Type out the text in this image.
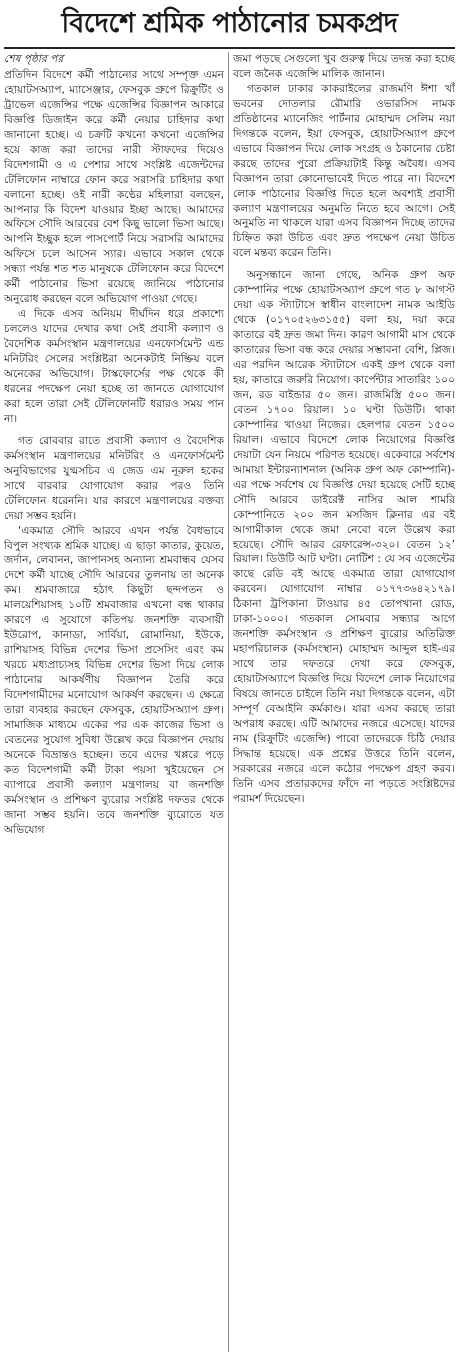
বিদেশে শ্রমিক পাঠানোর চমকপ্রদ

শেষ পৃষ্ঠার পর

প্রতিদিন বিদেশে কর্মী পাঠানোর সাথে সম্পৃক্ত এমন হোয়াটসঅ্যাপ, ম্যাসেঞ্জার, ফেসবুক গ্রুপে রিক্রুটিং ও ট্রাভেল এজেন্সির পক্ষে এজেন্সির বিজ্ঞাপন আকারে বিজ্ঞপ্তি ডিজাইন করে কর্মী নেয়ার চাহিদার কথা জানানো হচ্ছে। এ চক্রটি কখনো কখনো এজেন্সির হয়ে কাজ করা তাদের নারী স্টাফদের দিয়েও বিদেশগামী ও এ পেশার সাথে সংশ্লিষ্ট এজেন্টদের টেলিফোন নাম্বারে ফোন করে সরাসরি চাহিদার কথা বলানো হচ্ছে। ওই নারী কণ্ঠের মহিলারা বলছেন, আপনার কি বিদেশ যাওয়ার ইচ্ছা আছে। আমাদের অফিসে সৌদি আরবের বেশ কিছু ভালো ভিসা আছে। আপনি ইচ্ছুক হলে পাসপোর্ট নিয়ে সরাসরি আমাদের অফিসে চলে আসেন স্যার। এভাবে সকাল থেকে সন্ধ্যা পর্যন্ত শত শত মানুষকে টেলিফোন করে বিদেশে কর্মী পাঠানোর ভিসা রয়েছে জানিয়ে পাঠানোর অনুরোধ করছেন বলে অভিযোগ পাওয়া গেছে।

এ দিকে এসব অনিয়ম দীর্ঘদিন ধরে প্রকাশ্যে চললেও যাদের দেখার কথা সেই প্রবাসী কল্যাণ ও বৈদেশিক কর্মসংস্থান মন্ত্রণালয়ের এনফোর্সমেন্ট এন্ড মনিটরিং সেলের সংশ্লিষ্টরা অনেকটাই নিষ্ক্রিয় বলে অনেকের অভিযোগ। টাস্কফোর্সের পক্ষ থেকে কী ধরনের পদক্ষেপ নেয়া হচ্ছে তা জানতে যোগাযোগ করা হলে তারা সেই টেলিফোনটি ধরারও সময় পান না।

গত রোববার রাতে প্রবাসী কল্যাণ ও বৈদেশিক কর্মসংস্থান মন্ত্রণালয়ের মনিটরিং ও এনফোর্সমেন্ট অনুবিভাগের যুগ্মসচিব এ জেড এম নূরুল হকের সাথে বারবার যোগাযোগ করার পরও তিনি টেলিফোন ধরেননি। যার কারণে মন্ত্রণালয়ের বক্তব্য দেয়া সম্ভব হয়নি।

‘একমাত্র সৌদি আরবে এখন পর্যন্ত বৈধভাবে বিপুল সংখ্যক শ্রমিক যাচ্ছে। এ ছাড়া কাতার, কুয়েত, জর্দান, লেবানন, জাপানসহ অন্যান্য শ্রমবান্ধব যেসব দেশে কর্মী যাচ্ছে সৌদি আরবের তুলনায় তা অনেক কম। শ্রমবাজারে হঠাৎ কিছুটা ছন্দপতন ও মালয়েশিয়াসহ ১০টি শ্রমবাজার এখনো বন্ধ থাকার কারণে এ সুযোগে কতিপয় জনশক্তি ব্যবসায়ী ইউরোপ, কানাডা, সার্বিয়া, রোমানিয়া, ইউকে, রাশিয়াসহ বিভিন্ন দেশের ভিসা প্রসেসিং এবং কম খরচে মধ্যপ্রাচ্যসহ বিভিন্ন দেশের ভিসা দিয়ে লোক পাঠানোর আকর্ষণীয় বিজ্ঞাপন তৈরি করে বিদেশগামীদের মনোযোগ আকর্ষণ করছেন। এ ক্ষেত্রে তারা ব্যবহার করছেন ফেসবুক, হোয়াটসঅ্যাপ গ্রুপ। সামাজিক মাধ্যমে একের পর এক কাজের ভিসা ও বেতনের সুযোগ সুবিধা উল্লেখ করে বিজ্ঞাপন দেয়ায় অনেকে বিভ্রান্তও হচ্ছেন। তবে এদের খপ্পরে পড়ে কত বিদেশগামী কর্মী টাকা পয়সা খুইয়েছেন সে ব্যাপারে প্রবাসী কল্যাণ মন্ত্রণালয় বা জনশক্তি কর্মসংস্থান ও প্রশিক্ষণ ব্যুরোর সংশ্লিষ্ট দফতর থেকে জানা সম্ভব হয়নি। তবে জনশক্তি ব্যুরোতে যত অভিযোগ

জমা পড়ছে সেগুলো খুব গুরুত্ব দিয়ে তদন্ত করা হচ্ছে বলে জনৈক এজেন্সি মালিক জানান।

গতকাল ঢাকার কাকরাইলের রাজমণি ঈশা খাঁ ভবনের দোতলার রৌমারি ওভারসিস নামক প্রতিষ্ঠানের ম্যানেজিং পার্টনার মোহাম্মদ সেলিম নয়া দিগন্তকে বলেন, ইয়া ফেসবুক, হোয়াটসঅ্যাপ গ্রুপে এভাবে বিজ্ঞাপন দিয়ে লোক সংগ্রহ ও ঠকানোর চেষ্টা করছে তাদের পুরো প্রক্রিয়াটাই কিন্তু অবৈধ। এসব বিজ্ঞাপন তারা কোনোভাবেই দিতে পারে না। বিদেশে লোক পাঠানোর বিজ্ঞপ্তি দিতে হলে অবশ্যই প্রবাসী কল্যাণ মন্ত্রণালয়ের অনুমতি নিতে হবে আগে। সেই অনুমতি না থাকলে যারা এসব বিজ্ঞাপন দিচ্ছে তাদের চিহ্নিত করা উচিত এবং দ্রুত পদক্ষেপ নেয়া উচিত বলে মন্তব্য করেন তিনি।

অনুসন্ধানে জানা গেছে, অনিক গ্রুপ অফ কোম্পানির পক্ষে হোয়াটসঅ্যাপ গ্রুপে গত ৮ আগস্ট দেয়া এক স্ট্যাটাসে স্বাধীন বাংলাদেশ নামক আইডি থেকে (০১৭০৫২৬৩১৫৫) বলা হয়, দয়া করে কাতারে বই দ্রুত জমা দিন। কারণ আগামী মাস থেকে কাতারের ভিসা বন্ধ করে দেয়ার সম্ভাবনা বেশি, প্লিজ। এর পরদিন আরেক স্ট্যাটাসে একই গ্রুপ থেকে বলা হয়, কাতারে জরুরি নিয়োগ। কার্পেন্টার সাতারিং ১০০ জন, রড বাইন্ডার ৫০ জন। রাজমিস্ত্রি ৫০০ জন। বেতন ১৭০০ রিয়াল। ১০ ঘণ্টা ডিউটি। থাকা কোম্পানির খাওয়া নিজের। হেলপার বেতন ১৫০০ রিয়াল। এভাবে বিদেশে লোক নিয়োগের বিজ্ঞপ্তি দেয়াটা যেন নিয়মে পরিণত হয়েছে। একেবারে সর্বশেষ আমায়া ইন্টারন্যাশনাল (অনিক গ্রুপ অফ কোম্পানি)-এর পক্ষে সর্বশেষ যে বিজ্ঞপ্তি দেয়া হয়েছে সেটি হচ্ছে সৌদি আরবে ডাইরেক্ট নাসির আল শামরি কোম্পানিতে ২০০ জন মসজিদ ক্লিনার এর বই আগামীকাল থেকে জমা নেবো বলে উল্লেখ করা হয়েছে। সৌদি আরব রেফারেন্স-৩২০। বেতন ১২’ রিয়াল। ডিউটি আট ঘণ্টা। নোটিশ : যে সব এজেন্টের কাছে রেডি বই আছে একমাত্র তারা যোগাযোগ করবেন। যোগাযোগ নাম্বার ০১৭৭৩৬৪২১৭৯। ঠিকানা ট্রপিকানা টাওয়ার ৪৫ তোপখানা রোড, ঢাকা-১০০০। গতকাল সোমবার সন্ধ্যার আগে জনশক্তি কর্মসংস্থান ও প্রশিক্ষণ ব্যুরোর অতিরিক্ত মহাপরিচালক (কর্মসংস্থান) মোহাম্মদ আব্দুল হাই-এর সাথে তার দফতরে দেখা করে ফেসবুক, হোয়াটসঅ্যাপে বিজ্ঞপ্তি দিয়ে বিদেশে লোক নিয়োগের বিষয়ে জানতে চাইলে তিনি নয়া দিগন্তকে বলেন, এটা সম্পূর্ণ বেআইনি কর্মকাণ্ড। যারা এসব করছে তারা অপরাধ করছে। এটি আমাদের নজরে এসেছে। যাদের নাম (রিক্রুটিং এজেন্সি) পাবো তাদেরকে চিঠি দেয়ার সিদ্ধান্ত হয়েছে। এক প্রশ্নের উত্তরে তিনি বলেন, সরকারের নজরে এলে কঠোর পদক্ষেপ গ্রহণ করব। তিনি এসব প্রতারকদের ফাঁদে না পড়তে সংশ্লিষ্টদের পরামর্শ দিয়েছেন।
